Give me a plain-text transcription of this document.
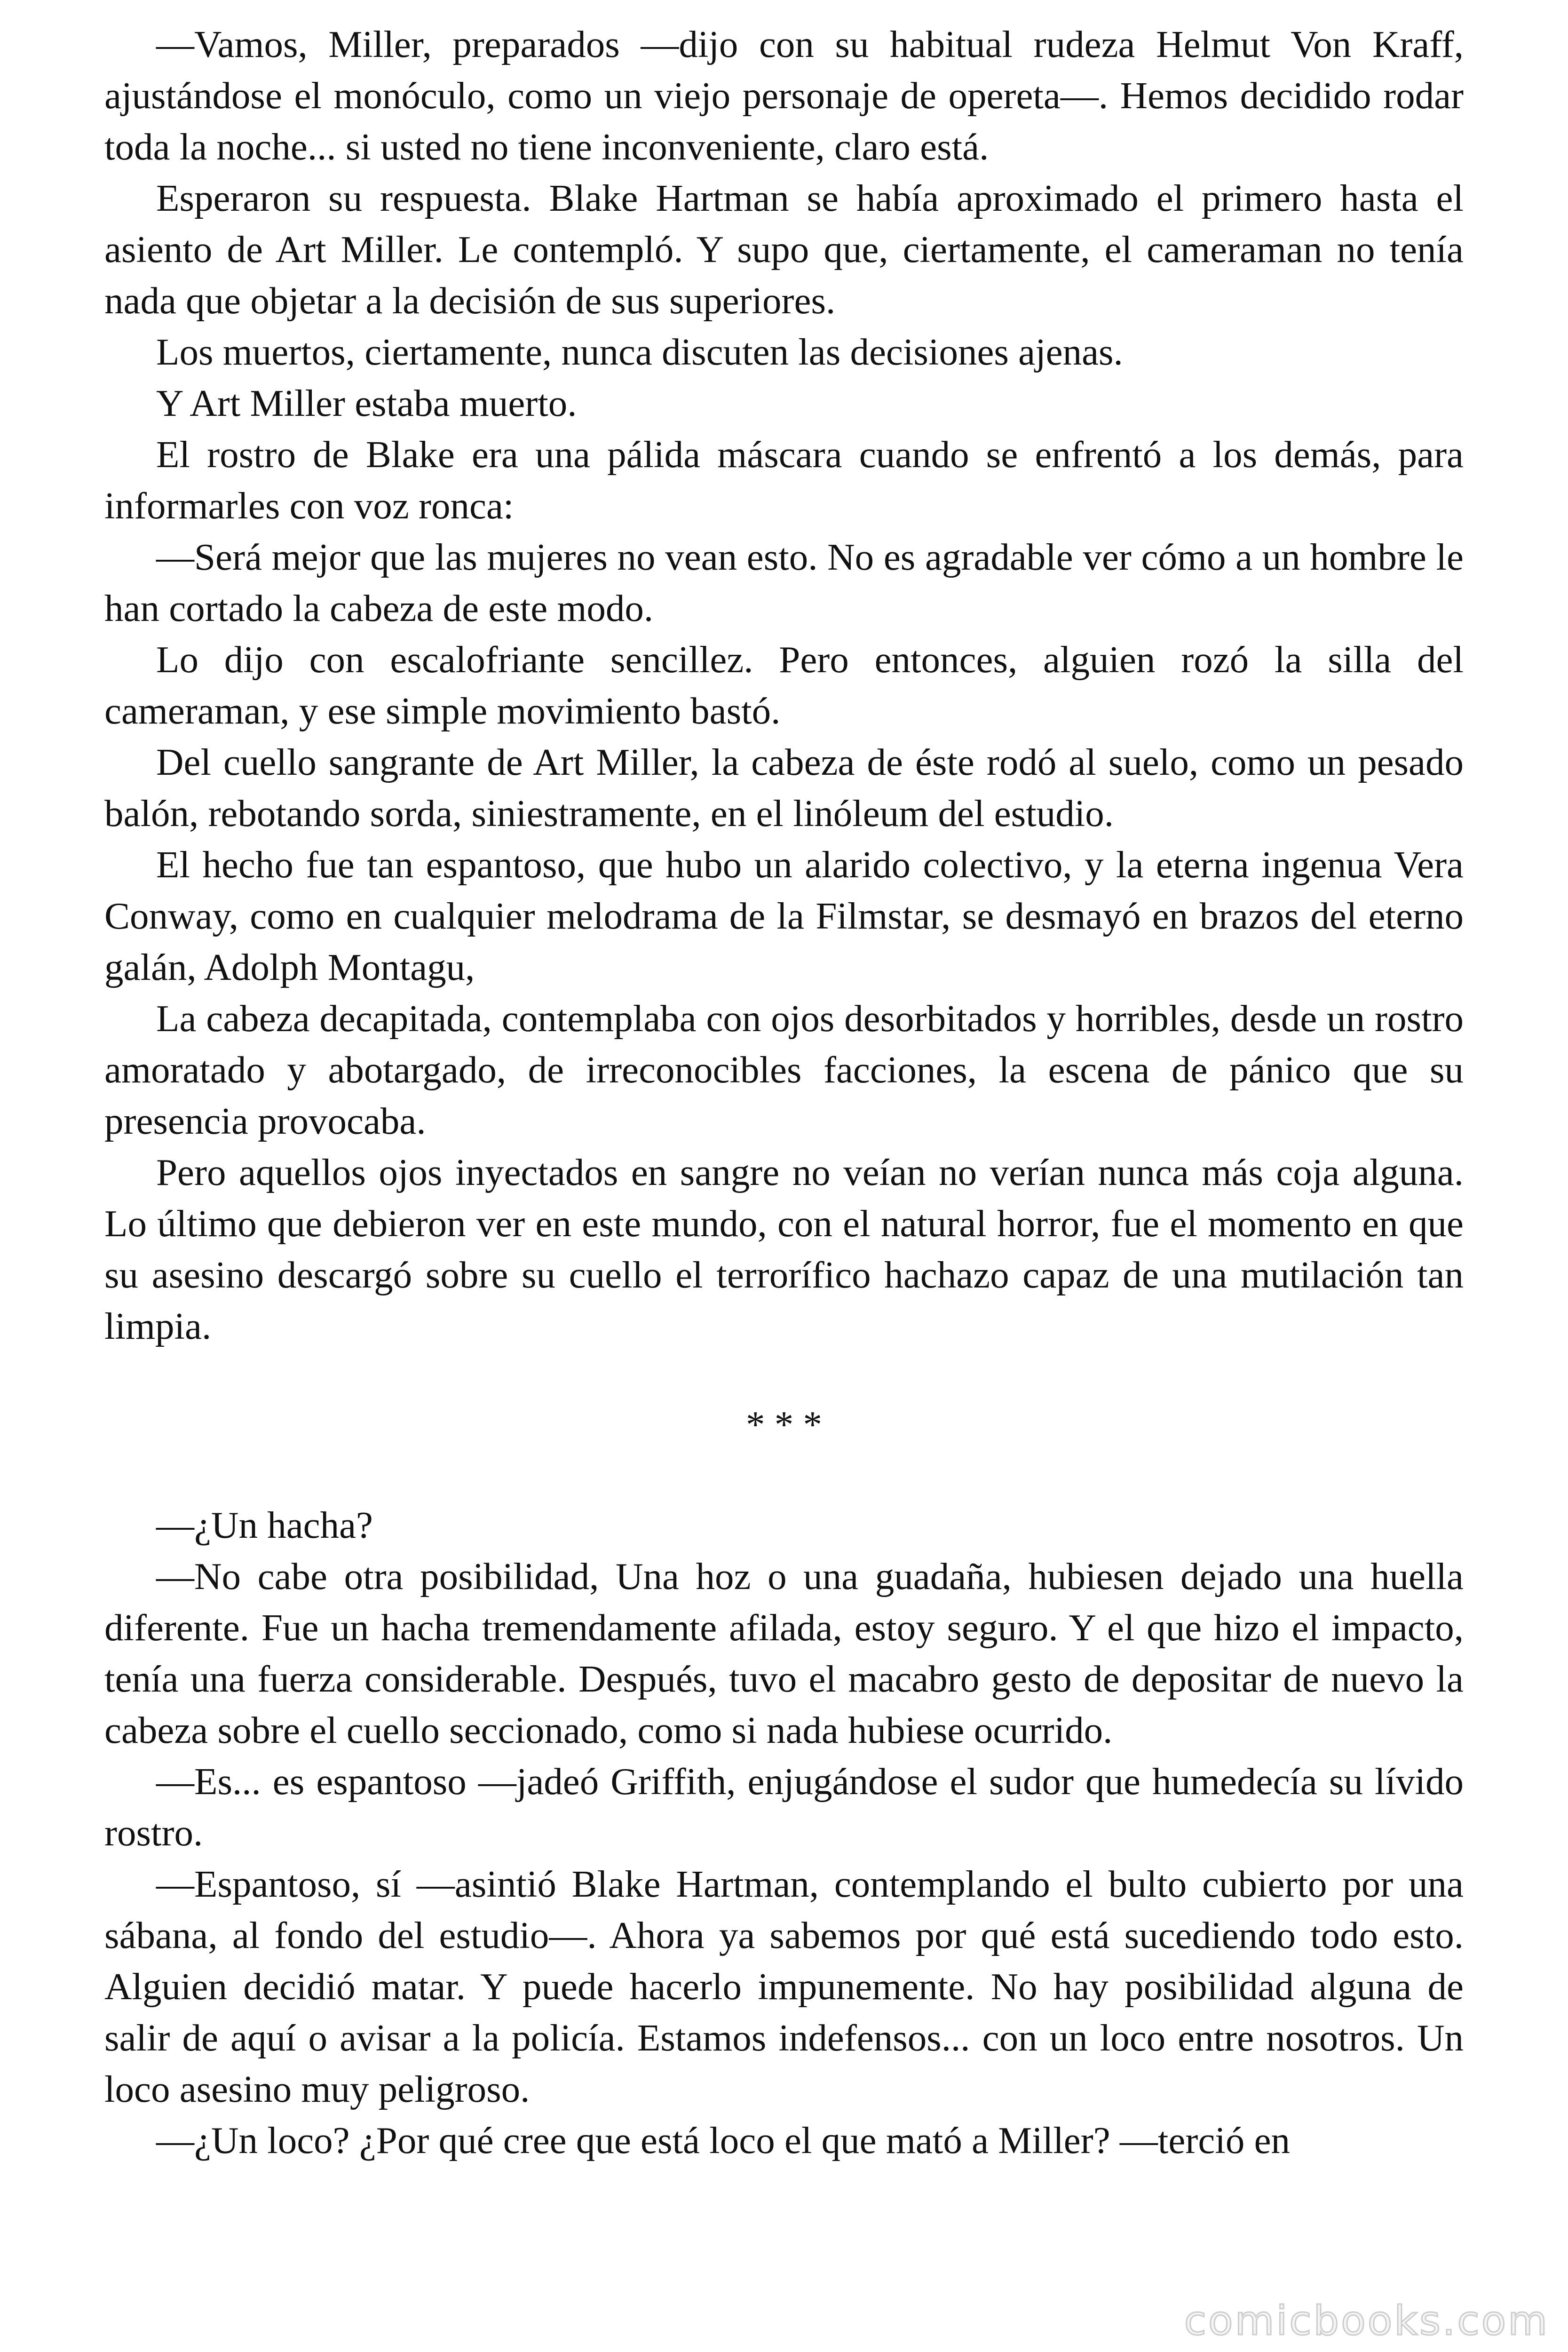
—Vamos, Miller, preparados —dijo con su habitual rudeza Helmut Von Kraff, ajustándose el monóculo, como un viejo personaje de opereta—. Hemos decidido rodar toda la noche... si usted no tiene inconveniente, claro está.

Esperaron su respuesta. Blake Hartman se había aproximado el primero hasta el asiento de Art Miller. Le contempló. Y supo que, ciertamente, el cameraman no tenía nada que objetar a la decisión de sus superiores.

Los muertos, ciertamente, nunca discuten las decisiones ajenas.

Y Art Miller estaba muerto.

El rostro de Blake era una pálida máscara cuando se enfrentó a los demás, para informarles con voz ronca:

—Será mejor que las mujeres no vean esto. No es agradable ver cómo a un hombre le han cortado la cabeza de este modo.

Lo dijo con escalofriante sencillez. Pero entonces, alguien rozó la silla del cameraman, y ese simple movimiento bastó.

Del cuello sangrante de Art Miller, la cabeza de éste rodó al suelo, como un pesado balón, rebotando sorda, siniestramente, en el linóleum del estudio.

El hecho fue tan espantoso, que hubo un alarido colectivo, y la eterna ingenua Vera Conway, como en cualquier melodrama de la Filmstar, se desmayó en brazos del eterno galán, Adolph Montagu,

La cabeza decapitada, contemplaba con ojos desorbitados y horribles, desde un rostro amoratado y abotargado, de irreconocibles facciones, la escena de pánico que su presencia provocaba.

Pero aquellos ojos inyectados en sangre no veían no verían nunca más coja alguna. Lo último que debieron ver en este mundo, con el natural horror, fue el momento en que su asesino descargó sobre su cuello el terrorífico hachazo capaz de una mutilación tan limpia.

* * *

—¿Un hacha?

—No cabe otra posibilidad, Una hoz o una guadaña, hubiesen dejado una huella diferente. Fue un hacha tremendamente afilada, estoy seguro. Y el que hizo el impacto, tenía una fuerza considerable. Después, tuvo el macabro gesto de depositar de nuevo la cabeza sobre el cuello seccionado, como si nada hubiese ocurrido.

—Es... es espantoso —jadeó Griffith, enjugándose el sudor que humedecía su lívido rostro.

—Espantoso, sí —asintió Blake Hartman, contemplando el bulto cubierto por una sábana, al fondo del estudio—. Ahora ya sabemos por qué está sucediendo todo esto. Alguien decidió matar. Y puede hacerlo impunemente. No hay posibilidad alguna de salir de aquí o avisar a la policía. Estamos indefensos... con un loco entre nosotros. Un loco asesino muy peligroso.

—¿Un loco? ¿Por qué cree que está loco el que mató a Miller? —terció en

comicbooks.com
